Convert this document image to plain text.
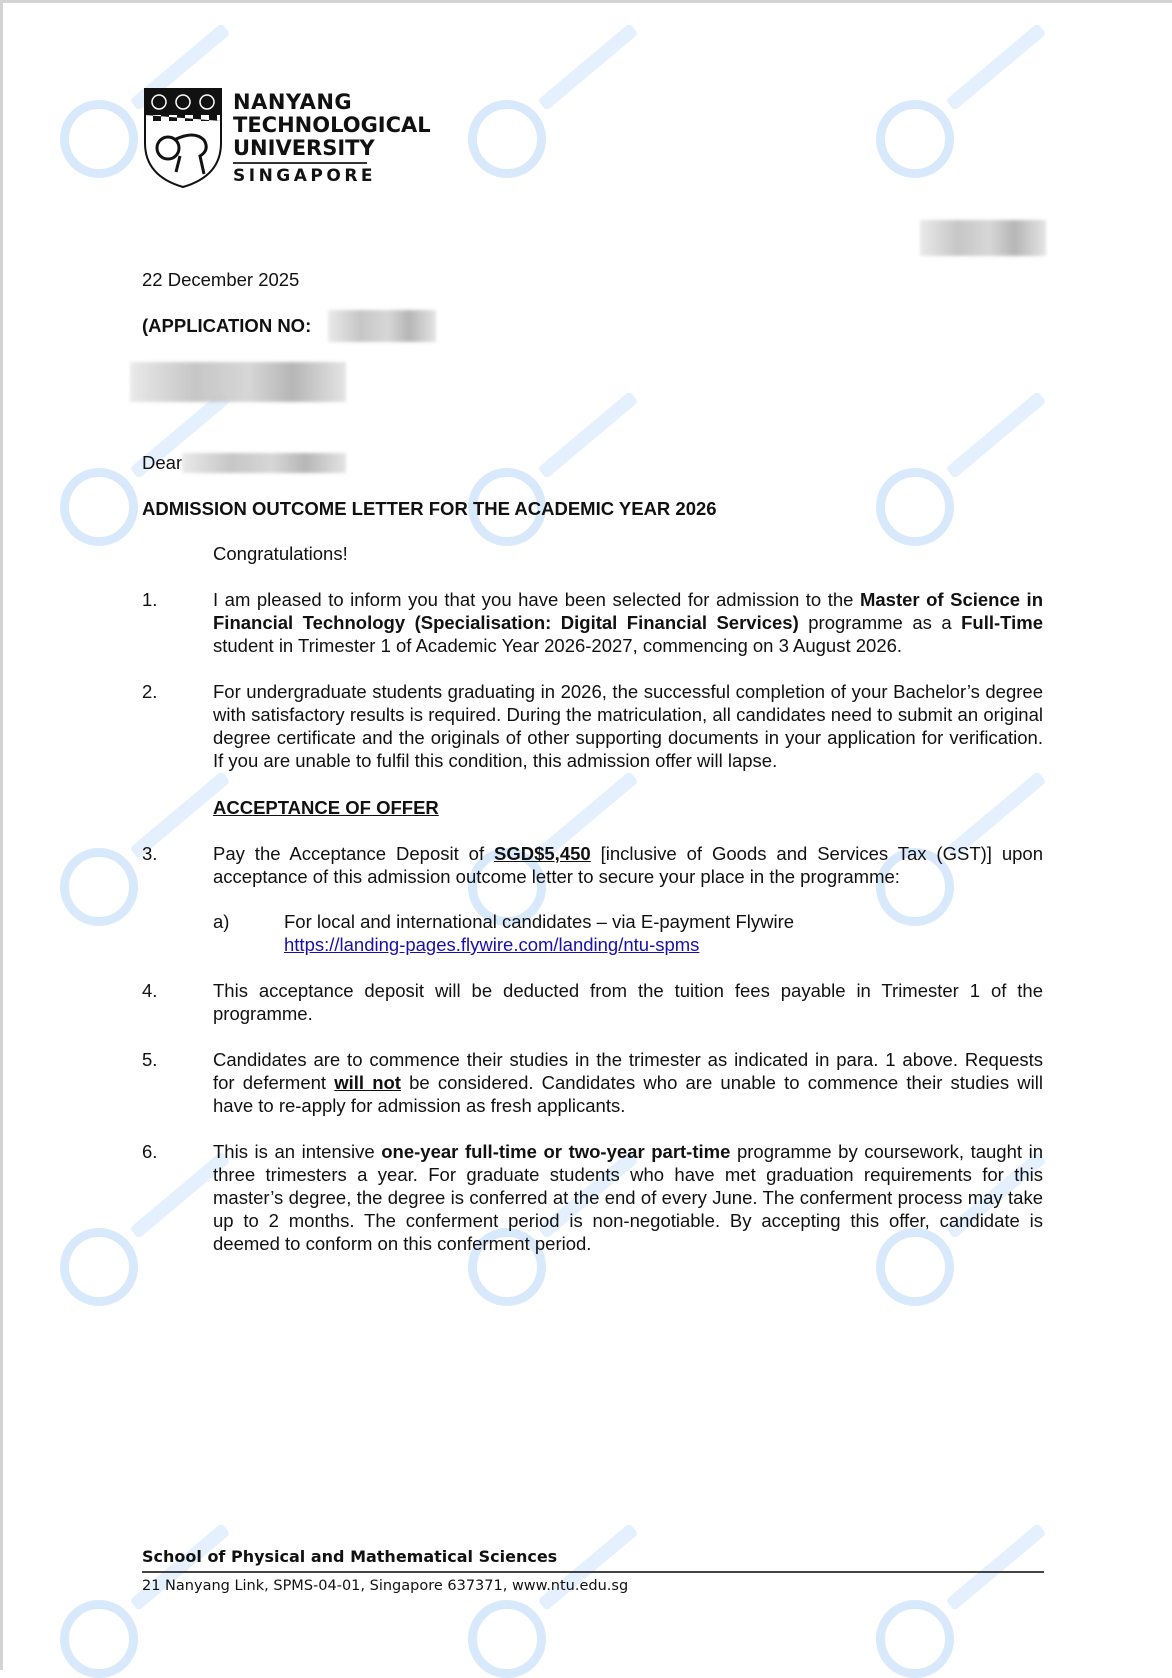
NANYANG
TECHNOLOGICAL
UNIVERSITY
SINGAPORE
22 December 2025
(APPLICATION NO:
Dear
ADMISSION OUTCOME LETTER FOR THE ACADEMIC YEAR 2026
Congratulations!
1.	I am pleased to inform you that you have been selected for admission to the Master of Science in Financial Technology (Specialisation: Digital Financial Services) programme as a Full-Time student in Trimester 1 of Academic Year 2026-2027, commencing on 3 August 2026.
2.	For undergraduate students graduating in 2026, the successful completion of your Bachelor’s degree with satisfactory results is required. During the matriculation, all candidates need to submit an original degree certificate and the originals of other supporting documents in your application for verification. If you are unable to fulfil this condition, this admission offer will lapse.
ACCEPTANCE OF OFFER
3.	Pay the Acceptance Deposit of SGD$5,450 [inclusive of Goods and Services Tax (GST)] upon acceptance of this admission outcome letter to secure your place in the programme:
a)	For local and international candidates – via E-payment Flywire
https://landing-pages.flywire.com/landing/ntu-spms
4.	This acceptance deposit will be deducted from the tuition fees payable in Trimester 1 of the programme.
5.	Candidates are to commence their studies in the trimester as indicated in para. 1 above. Requests for deferment will not be considered. Candidates who are unable to commence their studies will have to re-apply for admission as fresh applicants.
6.	This is an intensive one-year full-time or two-year part-time programme by coursework, taught in three trimesters a year. For graduate students who have met graduation requirements for this master’s degree, the degree is conferred at the end of every June. The conferment process may take up to 2 months. The conferment period is non-negotiable. By accepting this offer, candidate is deemed to conform on this conferment period.
School of Physical and Mathematical Sciences
21 Nanyang Link, SPMS-04-01, Singapore 637371, www.ntu.edu.sg
